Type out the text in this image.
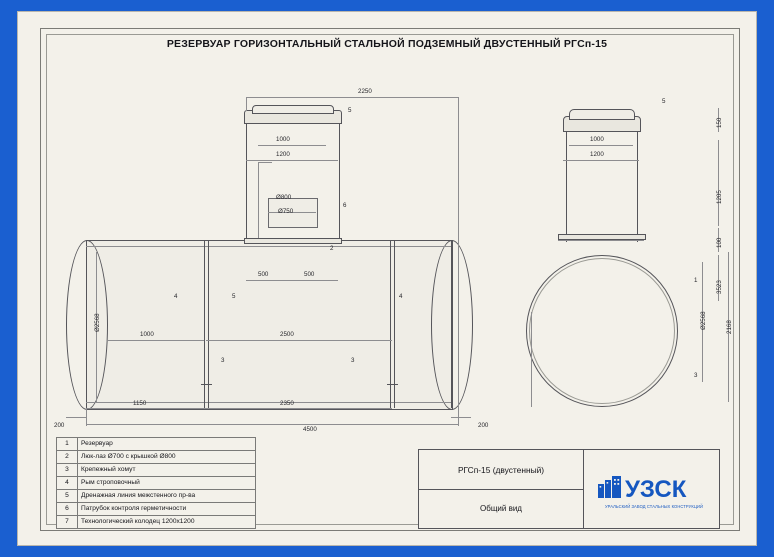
РЕЗЕРВУАР ГОРИЗОНТАЛЬНЫЙ СТАЛЬНОЙ ПОДЗЕМНЫЙ ДВУСТЕННЫЙ РГСп-15
4	4
3	3
5
5
6
2
2250
1000
1200
Ø800
Ø750
500	500
Ø2568
1000	2500
200	200
1150	2350
4500
5
1
3
1000
1200
150
1205
100
3523
Ø2568	2168
1	Резервуар
2	Люк-лаз Ø700 с крышкой Ø800
3	Крепежный хомут
4	Рым строповочный
5	Дренажная линия межстенного пр-ва
6	Патрубок контроля герметичности
7	Технологический колодец 1200х1200
РГСп-15 (двустенный)
Общий вид
УЗСК
УРАЛЬСКИЙ ЗАВОД СТАЛЬНЫХ КОНСТРУКЦИЙ
